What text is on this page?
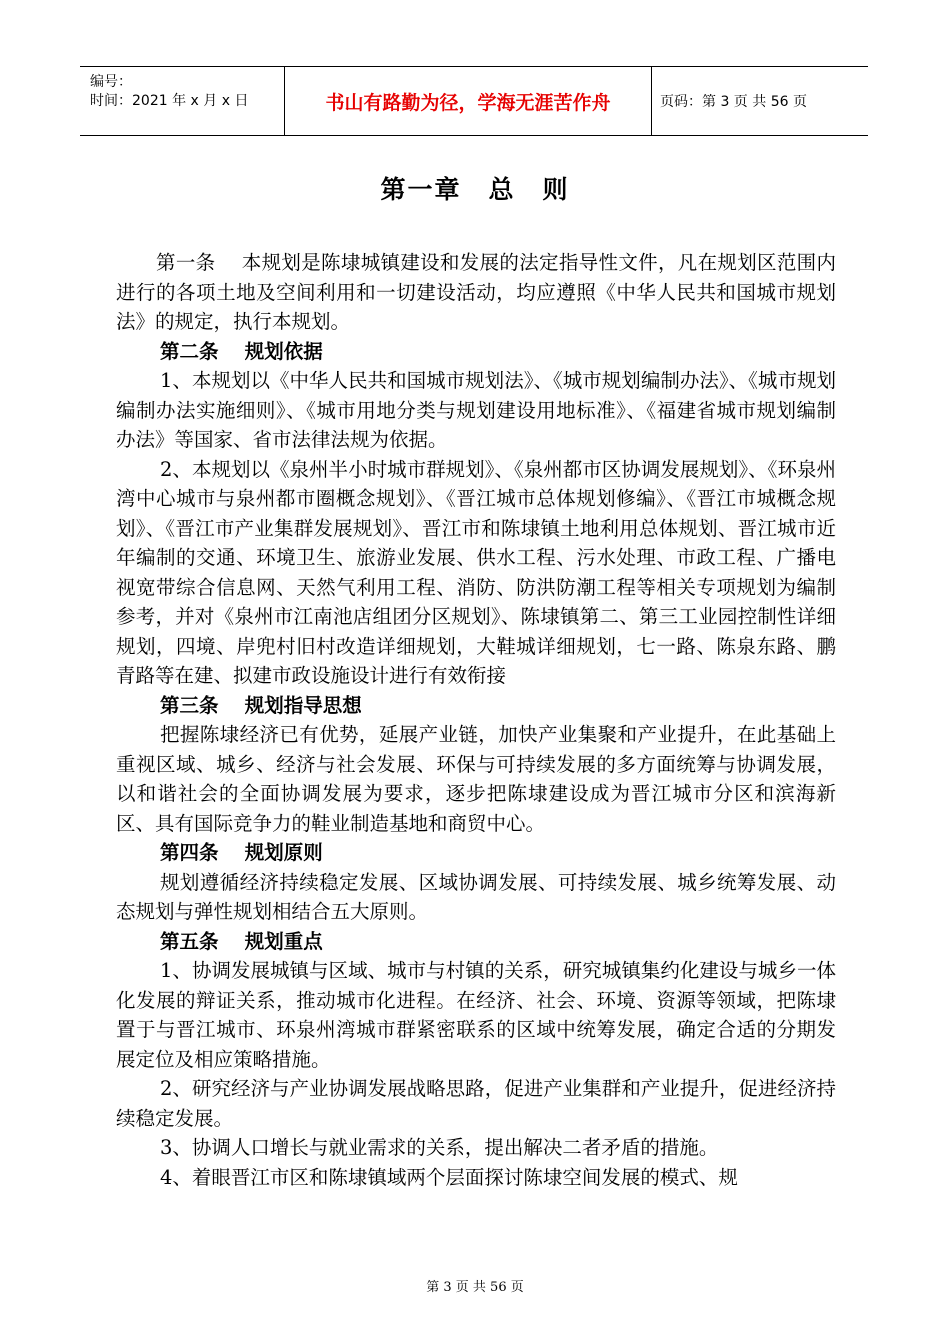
编号：
时间：2021 年 x 月 x 日	书山有路勤为径，学海无涯苦作舟	页码：第 3 页 共 56 页
第一章　总　则

第一条　 本规划是陈埭城镇建设和发展的法定指导性文件，凡在规划区范围内进行的各项土地及空间利用和一切建设活动，均应遵照《中华人民共和国城市规划法》的规定，执行本规划。

第二条　 规划依据

1、本规划以《中华人民共和国城市规划法》、《城市规划编制办法》、《城市规划编制办法实施细则》、《城市用地分类与规划建设用地标准》、《福建省城市规划编制办法》等国家、省市法律法规为依据。

2、本规划以《泉州半小时城市群规划》、《泉州都市区协调发展规划》、《环泉州湾中心城市与泉州都市圈概念规划》、《晋江城市总体规划修编》、《晋江市城概念规划》、《晋江市产业集群发展规划》、晋江市和陈埭镇土地利用总体规划、晋江城市近年编制的交通、环境卫生、旅游业发展、供水工程、污水处理、市政工程、广播电视宽带综合信息网、天然气利用工程、消防、防洪防潮工程等相关专项规划为编制参考，并对《泉州市江南池店组团分区规划》、陈埭镇第二、第三工业园控制性详细规划，四境、岸兜村旧村改造详细规划，大鞋城详细规划，七一路、陈泉东路、鹏青路等在建、拟建市政设施设计进行有效衔接

第三条　 规划指导思想

把握陈埭经济已有优势，延展产业链，加快产业集聚和产业提升，在此基础上重视区域、城乡、经济与社会发展、环保与可持续发展的多方面统筹与协调发展，以和谐社会的全面协调发展为要求，逐步把陈埭建设成为晋江城市分区和滨海新区、具有国际竞争力的鞋业制造基地和商贸中心。

第四条　 规划原则

规划遵循经济持续稳定发展、区域协调发展、可持续发展、城乡统筹发展、动态规划与弹性规划相结合五大原则。

第五条　 规划重点

1、协调发展城镇与区域、城市与村镇的关系，研究城镇集约化建设与城乡一体化发展的辩证关系，推动城市化进程。在经济、社会、环境、资源等领域，把陈埭置于与晋江城市、环泉州湾城市群紧密联系的区域中统筹发展，确定合适的分期发展定位及相应策略措施。

2、研究经济与产业协调发展战略思路，促进产业集群和产业提升，促进经济持续稳定发展。

3、协调人口增长与就业需求的关系，提出解决二者矛盾的措施。

4、着眼晋江市区和陈埭镇域两个层面探讨陈埭空间发展的模式、规

第 3 页 共 56 页
